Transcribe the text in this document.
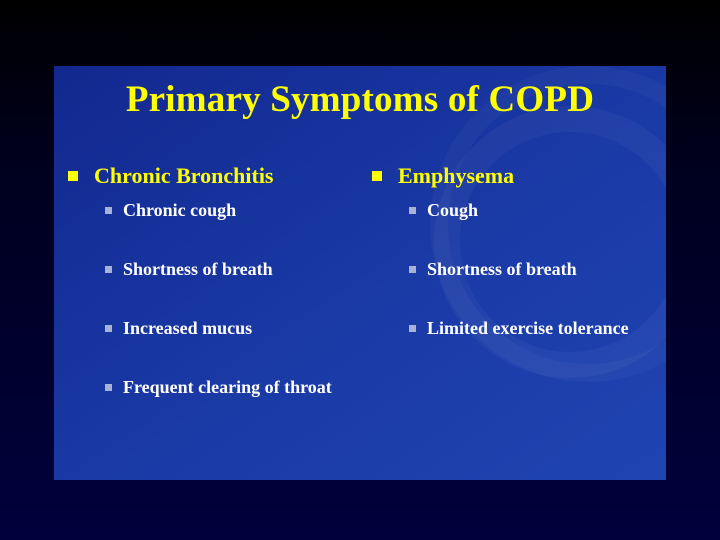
Primary Symptoms of COPD
Chronic Bronchitis
Chronic cough
Shortness of breath
Increased mucus
Frequent clearing of throat
Emphysema
Cough
Shortness of breath
Limited exercise tolerance
